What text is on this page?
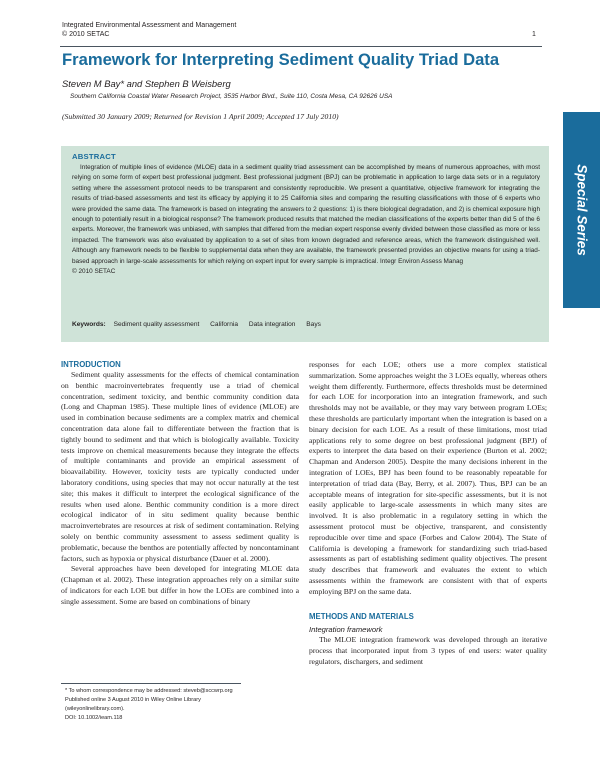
Integrated Environmental Assessment and Management
© 2010 SETAC	1
Framework for Interpreting Sediment Quality Triad Data
Steven M Bay* and Stephen B Weisberg
Southern California Coastal Water Research Project, 3535 Harbor Blvd., Suite 110, Costa Mesa, CA 92626 USA
(Submitted 30 January 2009; Returned for Revision 1 April 2009; Accepted 17 July 2010)
ABSTRACT

Integration of multiple lines of evidence (MLOE) data in a sediment quality triad assessment can be accomplished by means of numerous approaches, with most relying on some form of expert best professional judgment. Best professional judgment (BPJ) can be problematic in application to large data sets or in a regulatory setting where the assessment protocol needs to be transparent and consistently reproducible. We present a quantitative, objective framework for integrating the results of triad-based assessments and test its efficacy by applying it to 25 California sites and comparing the resulting classifications with those of 6 experts who were provided the same data. The framework is based on integrating the answers to 2 questions: 1) is there biological degradation, and 2) is chemical exposure high enough to potentially result in a biological response? The framework produced results that matched the median classifications of the experts better than did 5 of the 6 experts. Moreover, the framework was unbiased, with samples that differed from the median expert response evenly divided between those classified as more or less impacted. The framework was also evaluated by application to a set of sites from known degraded and reference areas, which the framework distinguished well. Although any framework needs to be flexible to supplemental data when they are available, the framework presented provides an objective means for using a triad-based approach in large-scale assessments for which relying on expert input for every sample is impractical. Integr Environ Assess Manag
© 2010 SETAC

Keywords: Sediment quality assessment California Data integration Bays
Special Series
INTRODUCTION

Sediment quality assessments for the effects of chemical contamination on benthic macroinvertebrates frequently use a triad of chemical concentration, sediment toxicity, and benthic community condition data (Long and Chapman 1985). These multiple lines of evidence (MLOE) are used in combination because sediments are a complex matrix and chemical concentration data alone fail to differentiate between the fraction that is tightly bound to sediment and that which is biologically available. Toxicity tests improve on chemical measurements because they integrate the effects of multiple contaminants and provide an empirical assessment of bioavailability. However, toxicity tests are typically conducted under laboratory conditions, using species that may not occur naturally at the test site; this makes it difficult to interpret the ecological significance of the results when used alone. Benthic community condition is a more direct ecological indicator of in situ sediment quality because benthic macroinvertebrates are resources at risk of sediment contamination. Relying solely on benthic community assessment to assess sediment quality is problematic, because the benthos are potentially affected by noncontaminant factors, such as hypoxia or physical disturbance (Dauer et al. 2000).

Several approaches have been developed for integrating MLOE data (Chapman et al. 2002). These integration approaches rely on a similar suite of indicators for each LOE but differ in how the LOEs are combined into a single assessment. Some are based on combinations of binary

responses for each LOE; others use a more complex statistical summarization. Some approaches weight the 3 LOEs equally, whereas others weight them differently. Furthermore, effects thresholds must be determined for each LOE for incorporation into an integration framework, and such thresholds may not be available, or they may vary between program LOEs; these thresholds are particularly important when the integration is based on a binary decision for each LOE. As a result of these limitations, most triad applications rely to some degree on best professional judgment (BPJ) of experts to interpret the data based on their experience (Burton et al. 2002; Chapman and Anderson 2005). Despite the many decisions inherent in the integration of LOEs, BPJ has been found to be reasonably repeatable for interpretation of triad data (Bay, Berry, et al. 2007). Thus, BPJ can be an acceptable means of integration for site-specific assessments, but it is not easily applicable to large-scale assessments in which many sites are involved. It is also problematic in a regulatory setting in which the assessment protocol must be objective, transparent, and consistently reproducible over time and space (Forbes and Calow 2004). The State of California is developing a framework for standardizing such triad-based assessments as part of establishing sediment quality objectives. The present study describes that framework and evaluates the extent to which assessments within the framework are consistent with that of experts employing BPJ on the same data.

METHODS AND MATERIALS

Integration framework

The MLOE integration framework was developed through an iterative process that incorporated input from 3 types of end users: water quality regulators, dischargers, and sediment

* To whom correspondence may be addressed: steveb@sccwrp.org
Published online 3 August 2010 in Wiley Online Library
(wileyonlinelibrary.com).
DOI: 10.1002/ieam.118
